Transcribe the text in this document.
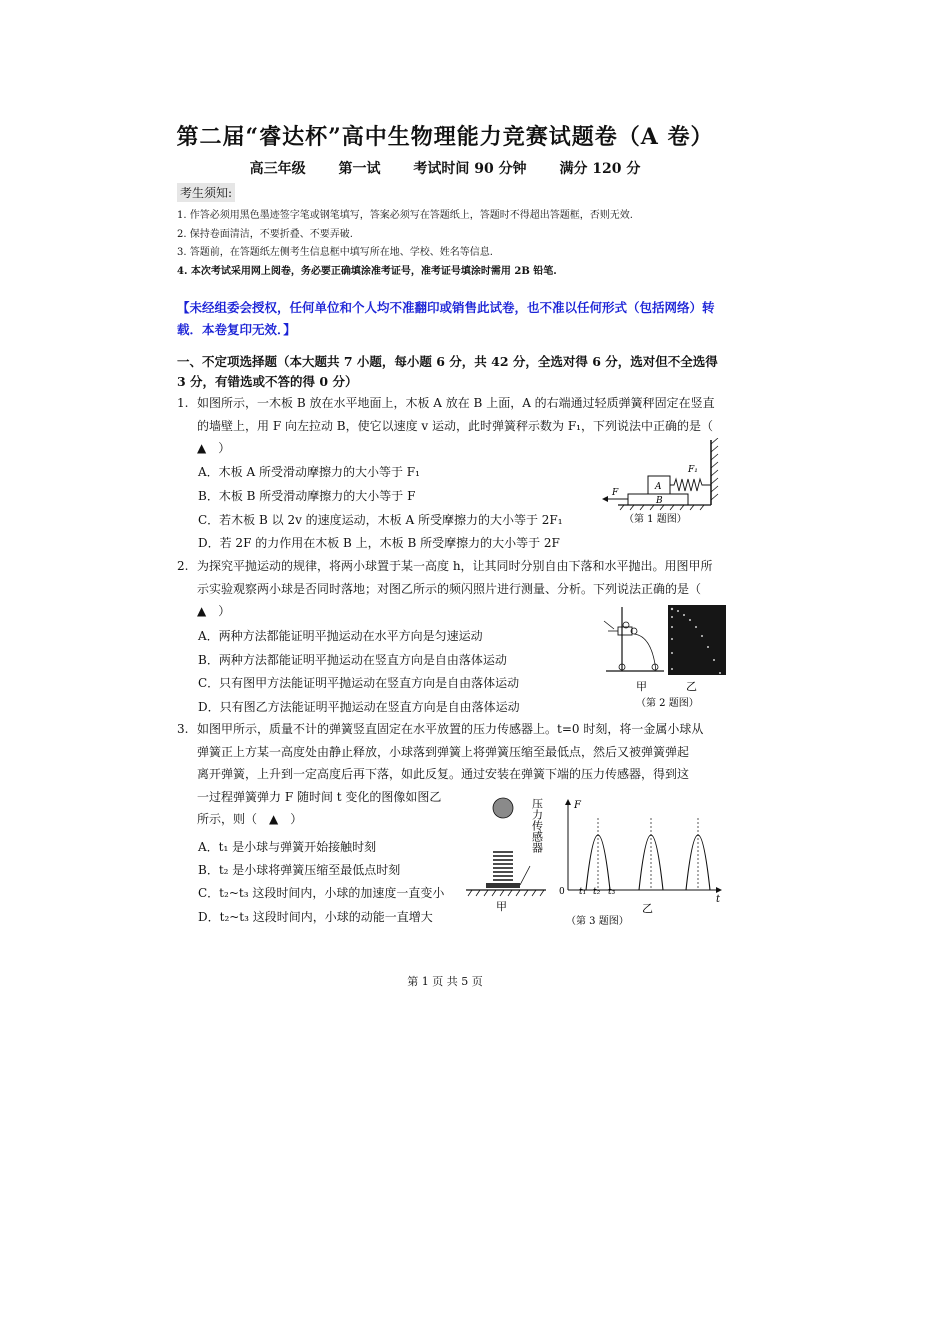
第二届“睿达杯”高中生物理能力竞赛试题卷（A 卷）
高三年级 第一试 考试时间 90 分钟 满分 120 分
考生须知:
1. 作答必须用黑色墨迹签字笔或钢笔填写，答案必须写在答题纸上，答题时不得超出答题框，否则无效.
2. 保持卷面清洁，不要折叠、不要弄破.
3. 答题前，在答题纸左侧考生信息框中填写所在地、学校、姓名等信息.
4. 本次考试采用网上阅卷，务必要正确填涂准考证号，准考证号填涂时需用 2B 铅笔.
【未经组委会授权，任何单位和个人均不准翻印或销售此试卷，也不准以任何形式（包括网络）转载．本卷复印无效．】
一、不定项选择题（本大题共 7 小题，每小题 6 分，共 42 分，全选对得 6 分，选对但不全选得 3 分，有错选或不答的得 0 分）
1. 如图所示，一木板 B 放在水平地面上，木板 A 放在 B 上面，A 的右端通过轻质弹簧秤固定在竖直的墙壁上，用 F 向左拉动 B，使它以速度 v 运动，此时弹簧秤示数为 F₁，下列说法中正确的是（　▲　）
A．木板 A 所受滑动摩擦力的大小等于 F₁
B．木板 B 所受滑动摩擦力的大小等于 F
C．若木板 B 以 2v 的速度运动，木板 A 所受摩擦力的大小等于 2F₁
D．若 2F 的力作用在木板 B 上，木板 B 所受摩擦力的大小等于 2F
B
A
F₁
F
（第 1 题图）
2. 为探究平抛运动的规律，将两小球置于某一高度 h，让其同时分别自由下落和水平抛出。用图甲所示实验观察两小球是否同时落地；对图乙所示的频闪照片进行测量、分析。下列说法正确的是（　▲　）
A．两种方法都能证明平抛运动在水平方向是匀速运动
B．两种方法都能证明平抛运动在竖直方向是自由落体运动
C．只有图甲方法能证明平抛运动在竖直方向是自由落体运动
D．只有图乙方法能证明平抛运动在竖直方向是自由落体运动
甲	乙
（第 2 题图）
3. 如图甲所示，质量不计的弹簧竖直固定在水平放置的压力传感器上。t=0 时刻，将一金属小球从
弹簧正上方某一高度处由静止释放，小球落到弹簧上将弹簧压缩至最低点，然后又被弹簧弹起
离开弹簧，上升到一定高度后再下落，如此反复。通过安装在弹簧下端的压力传感器，得到这
一过程弹簧弹力 F 随时间 t 变化的图像如图乙
所示，则（　▲　）
A．t₁ 是小球与弹簧开始接触时刻
B．t₂ 是小球将弹簧压缩至最低点时刻
C．t₂~t₃ 这段时间内，小球的加速度一直变小
D．t₂~t₃ 这段时间内，小球的动能一直增大
甲
压力传感器	F
t
0 t₁ t₂ t₃
乙
（第 3 题图）
第 1 页 共 5 页
